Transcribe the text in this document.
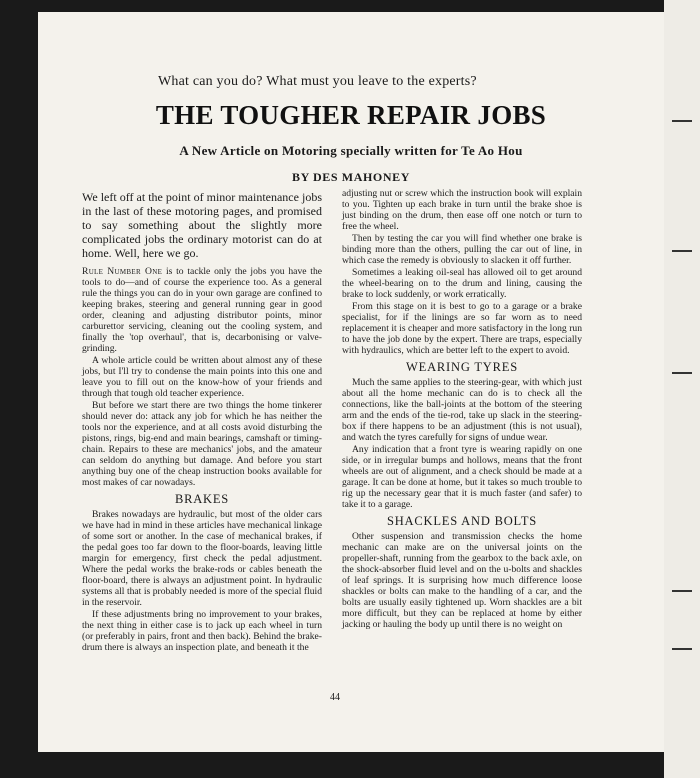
What can you do? What must you leave to the experts?
THE TOUGHER REPAIR JOBS
A New Article on Motoring specially written for Te Ao Hou
BY DES MAHONEY

We left off at the point of minor maintenance jobs in the last of these motoring pages, and promised to say something about the slightly more complicated jobs the ordinary motorist can do at home. Well, here we go.

Rule Number One is to tackle only the jobs you have the tools to do—and of course the experience too. As a general rule the things you can do in your own garage are confined to keeping brakes, steering and general running gear in good order, cleaning and adjusting distributor points, minor carburettor servicing, cleaning out the cooling system, and finally the 'top overhaul', that is, decarbonising or valve-grinding.

A whole article could be written about almost any of these jobs, but I'll try to condense the main points into this one and leave you to fill out on the know-how of your friends and through that tough old teacher experience.

But before we start there are two things the home tinkerer should never do: attack any job for which he has neither the tools nor the experience, and at all costs avoid disturbing the pistons, rings, big-end and main bearings, camshaft or timing-chain. Repairs to these are mechanics' jobs, and the amateur can seldom do anything but damage. And before you start anything buy one of the cheap instruction books available for most makes of car nowadays.

BRAKES

Brakes nowadays are hydraulic, but most of the older cars we have had in mind in these articles have mechanical linkage of some sort or another. In the case of mechanical brakes, if the pedal goes too far down to the floor-boards, leaving little margin for emergency, first check the pedal adjustment. Where the pedal works the brake-rods or cables beneath the floor-board, there is always an adjustment point. In hydraulic systems all that is probably needed is more of the special fluid in the reservoir.

If these adjustments bring no improvement to your brakes, the next thing in either case is to jack up each wheel in turn (or preferably in pairs, front and then back). Behind the brake-drum there is always an inspection plate, and beneath it the

adjusting nut or screw which the instruction book will explain to you. Tighten up each brake in turn until the brake shoe is just binding on the drum, then ease off one notch or turn to free the wheel.

Then by testing the car you will find whether one brake is binding more than the others, pulling the car out of line, in which case the remedy is obviously to slacken it off further.

Sometimes a leaking oil-seal has allowed oil to get around the wheel-bearing on to the drum and lining, causing the brake to lock suddenly, or work erratically.

From this stage on it is best to go to a garage or a brake specialist, for if the linings are so far worn as to need replacement it is cheaper and more satisfactory in the long run to have the job done by the expert. There are traps, especially with hydraulics, which are better left to the expert to avoid.

WEARING TYRES

Much the same applies to the steering-gear, with which just about all the home mechanic can do is to check all the connections, like the ball-joints at the bottom of the steering arm and the ends of the tie-rod, take up slack in the steering-box if there happens to be an adjustment (this is not usual), and watch the tyres carefully for signs of undue wear.

Any indication that a front tyre is wearing rapidly on one side, or in irregular bumps and hollows, means that the front wheels are out of alignment, and a check should be made at a garage. It can be done at home, but it takes so much trouble to rig up the necessary gear that it is much faster (and safer) to take it to a garage.

SHACKLES AND BOLTS

Other suspension and transmission checks the home mechanic can make are on the universal joints on the propeller-shaft, running from the gearbox to the back axle, on the shock-absorber fluid level and on the u-bolts and shackles of leaf springs. It is surprising how much difference loose shackles or bolts can make to the handling of a car, and the bolts are usually easily tightened up. Worn shackles are a bit more difficult, but they can be replaced at home by either jacking or hauling the body up until there is no weight on

44
